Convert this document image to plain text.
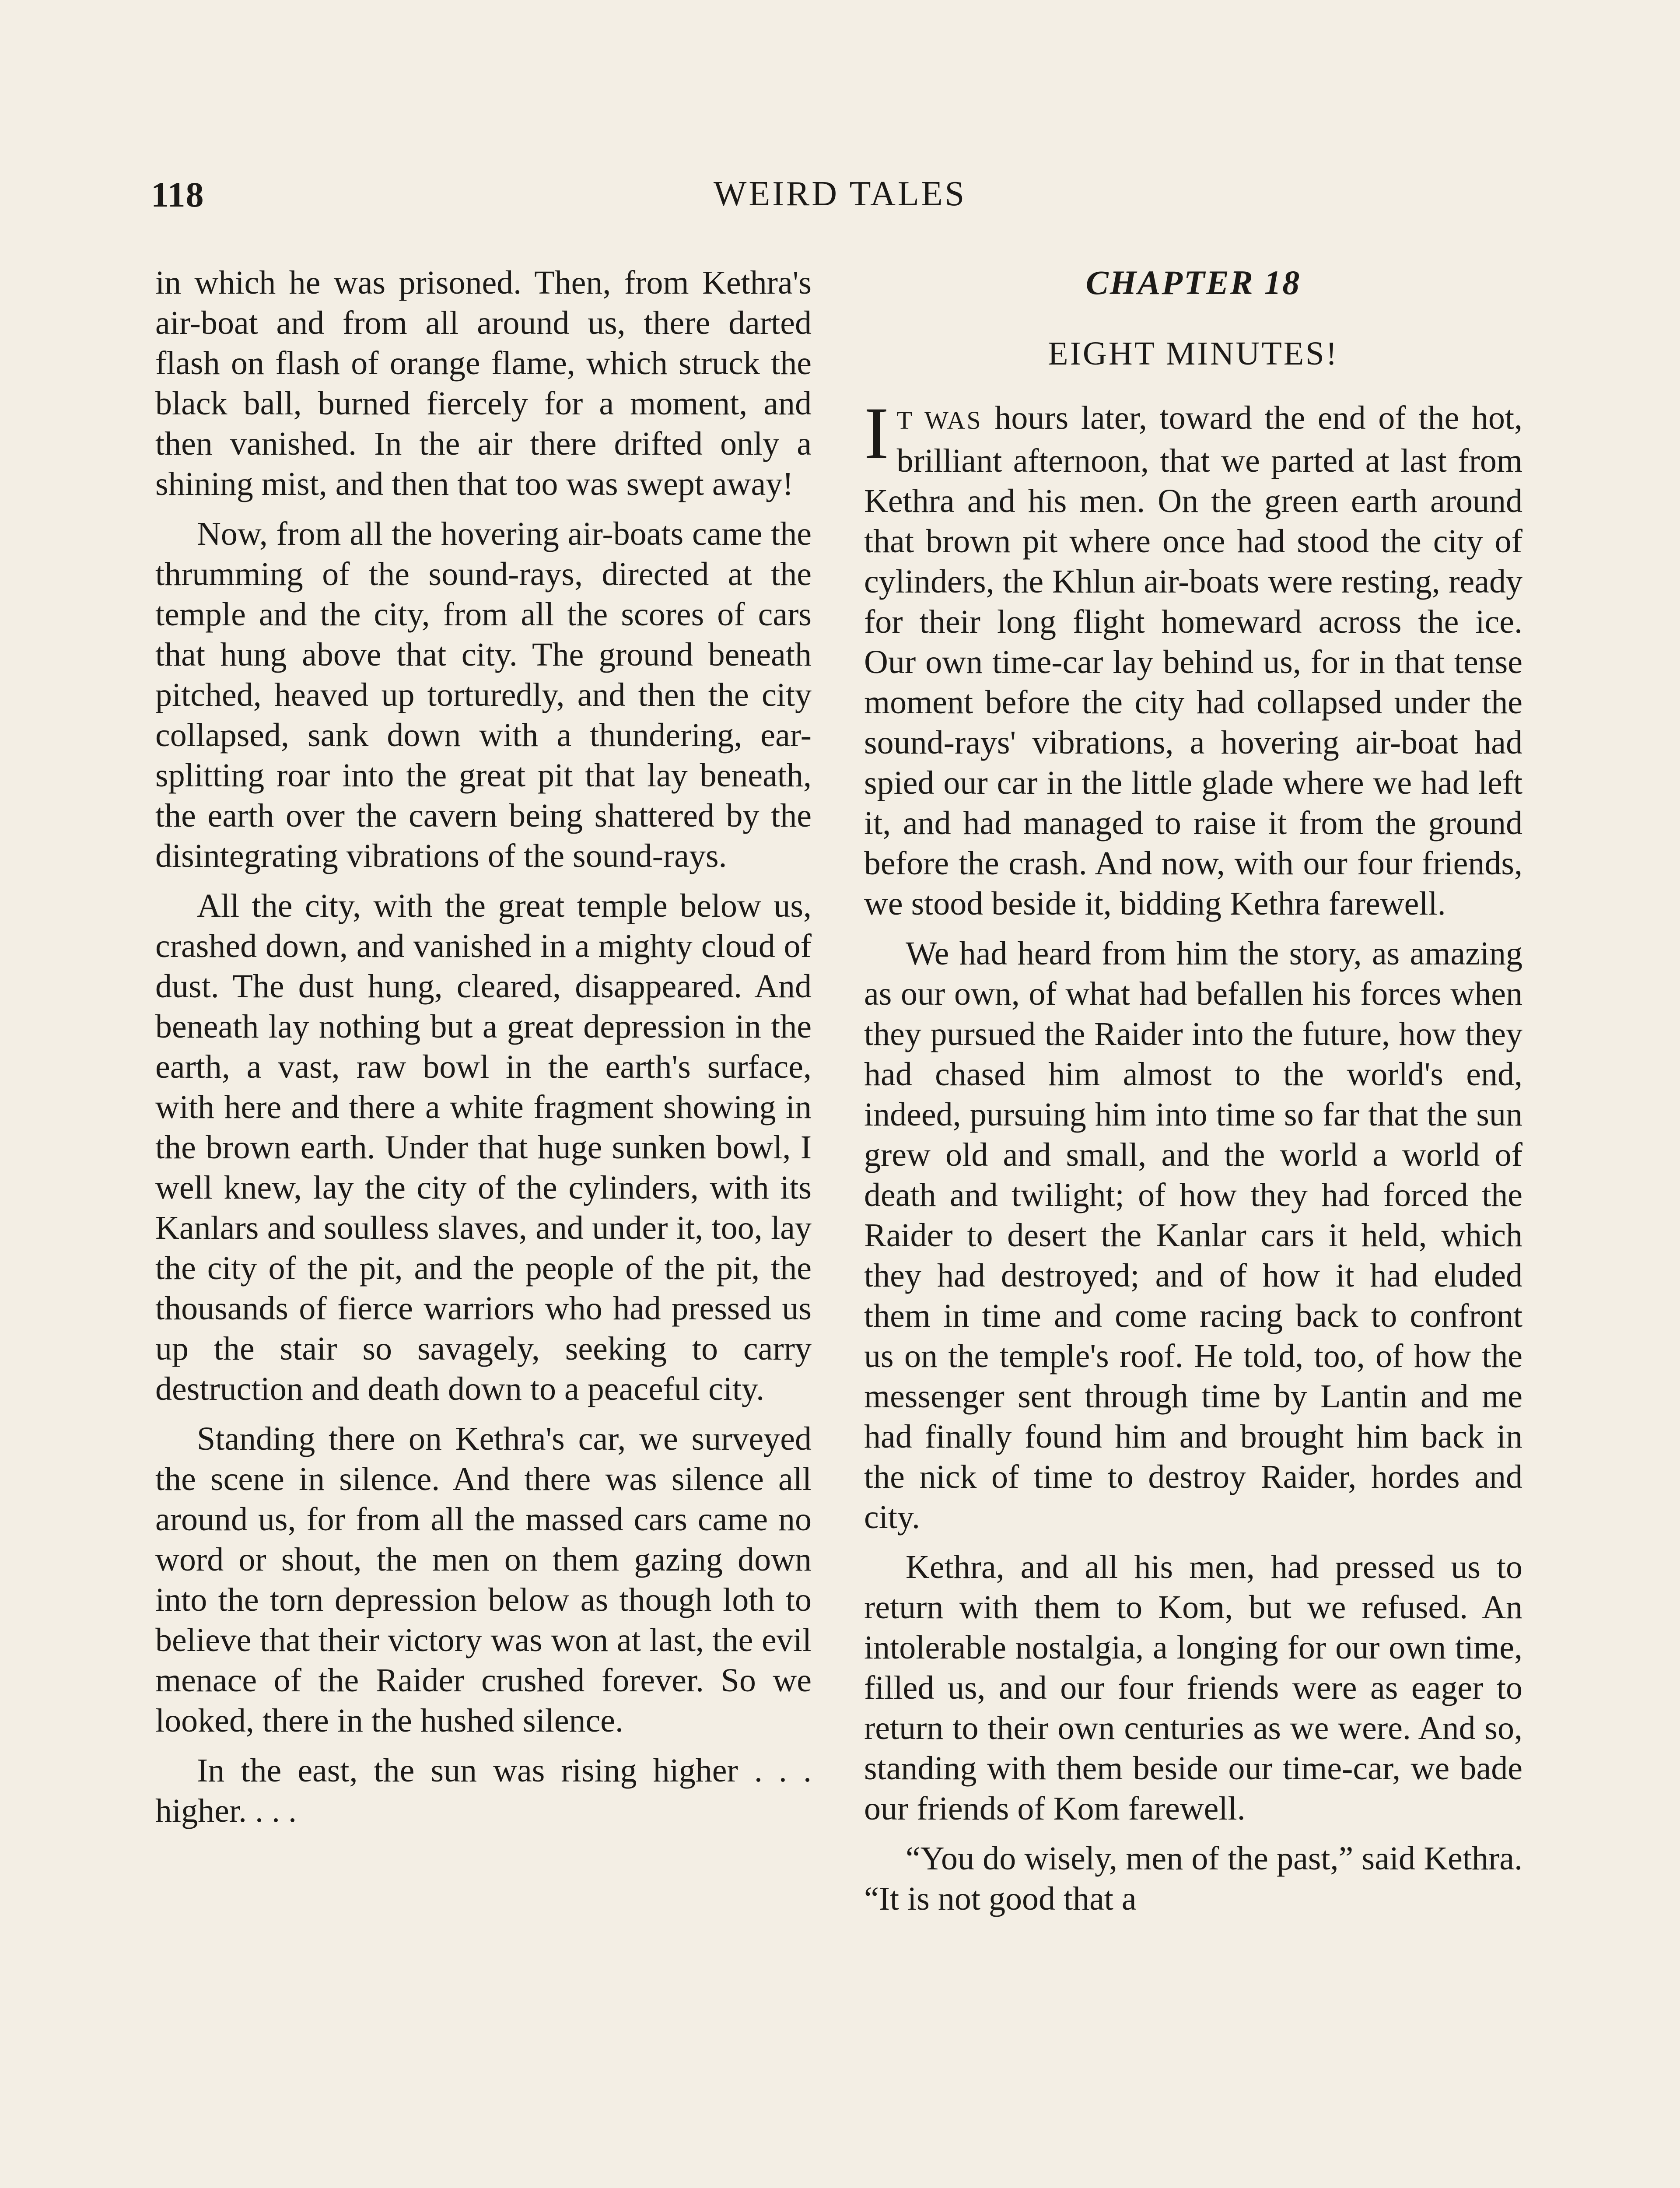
118	WEIRD TALES

in which he was prisoned. Then, from Kethra's air-boat and from all around us, there darted flash on flash of orange flame, which struck the black ball, burned fiercely for a moment, and then vanished. In the air there drifted only a shining mist, and then that too was swept away!

Now, from all the hovering air-boats came the thrumming of the sound-rays, directed at the temple and the city, from all the scores of cars that hung above that city. The ground beneath pitched, heaved up torturedly, and then the city collapsed, sank down with a thundering, ear-splitting roar into the great pit that lay beneath, the earth over the cavern being shattered by the disintegrating vibrations of the sound-rays.

All the city, with the great temple below us, crashed down, and vanished in a mighty cloud of dust. The dust hung, cleared, disappeared. And beneath lay nothing but a great depression in the earth, a vast, raw bowl in the earth's surface, with here and there a white fragment showing in the brown earth. Under that huge sunken bowl, I well knew, lay the city of the cylinders, with its Kanlars and soulless slaves, and under it, too, lay the city of the pit, and the people of the pit, the thousands of fierce warriors who had pressed us up the stair so savagely, seeking to carry destruction and death down to a peaceful city.

Standing there on Kethra's car, we surveyed the scene in silence. And there was silence all around us, for from all the massed cars came no word or shout, the men on them gazing down into the torn depression below as though loth to believe that their victory was won at last, the evil menace of the Raider crushed forever. So we looked, there in the hushed silence.

In the east, the sun was rising higher . . . higher. . . .

CHAPTER 18
EIGHT MINUTES!

I T WAS hours later, toward the end of the hot, brilliant afternoon, that we parted at last from Kethra and his men. On the green earth around that brown pit where once had stood the city of cylinders, the Khlun air-boats were resting, ready for their long flight homeward across the ice. Our own time-car lay behind us, for in that tense moment before the city had collapsed under the sound-rays' vibrations, a hovering air-boat had spied our car in the little glade where we had left it, and had managed to raise it from the ground before the crash. And now, with our four friends, we stood beside it, bidding Kethra farewell.

We had heard from him the story, as amazing as our own, of what had befallen his forces when they pursued the Raider into the future, how they had chased him almost to the world's end, indeed, pursuing him into time so far that the sun grew old and small, and the world a world of death and twilight; of how they had forced the Raider to desert the Kanlar cars it held, which they had destroyed; and of how it had eluded them in time and come racing back to confront us on the temple's roof. He told, too, of how the messenger sent through time by Lantin and me had finally found him and brought him back in the nick of time to destroy Raider, hordes and city.

Kethra, and all his men, had pressed us to return with them to Kom, but we refused. An intolerable nostalgia, a longing for our own time, filled us, and our four friends were as eager to return to their own centuries as we were. And so, standing with them beside our time-car, we bade our friends of Kom farewell.

“You do wisely, men of the past,” said Kethra. “It is not good that a
